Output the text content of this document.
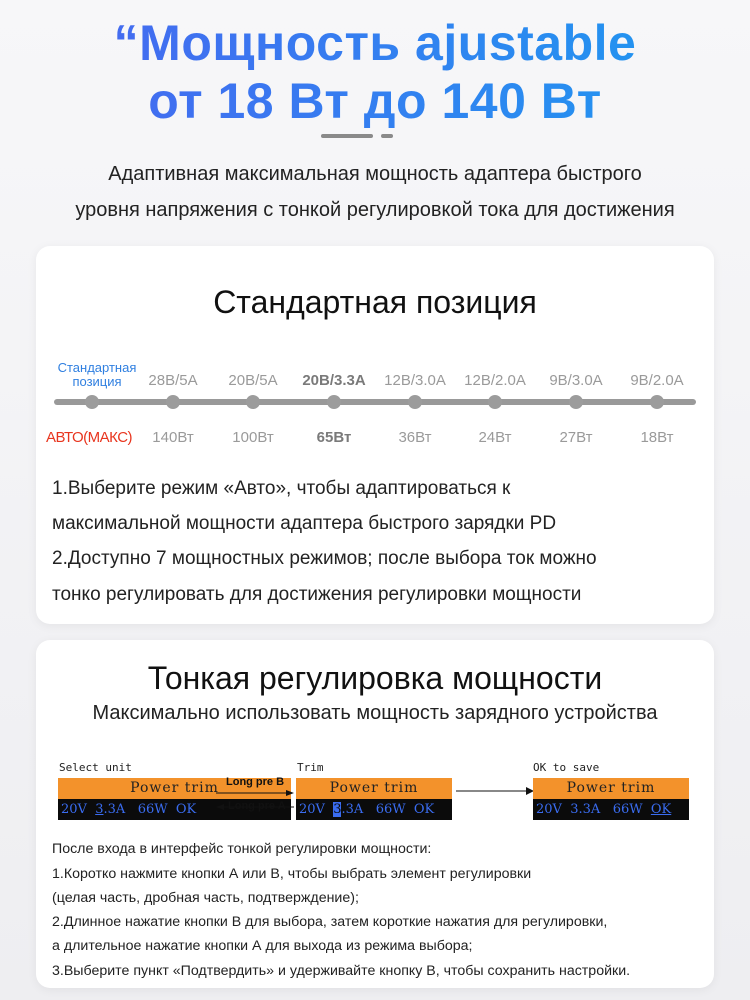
“Мощность ajustable
от 18 Вт до 140 Вт
Адаптивная максимальная мощность адаптера быстрого
уровня напряжения с тонкой регулировкой тока для достижения
Стандартная позиция
Стандартная позиция
АВТО(МАКС)
28В/5А
140Вт
20В/5А
100Вт
20В/3.3А
65Вт
12В/3.0А
36Вт
12В/2.0А
24Вт
9В/3.0А
27Вт
9В/2.0А
18Вт
1.Выберите режим «Авто», чтобы адаптироваться к
максимальной мощности адаптера быстрого зарядки PD
2.Доступно 7 мощностных режимов; после выбора ток можно
тонко регулировать для достижения регулировки мощности
Тонкая регулировка мощности
Максимально использовать мощность зарядного устройства
Select unit
Power trim
20V 3.3A 66W OK
Long pre B
Long pre A
Trim
Power trim
20V 3.3A 66W OK
OK to save
Power trim
20V 3.3A 66W OK
После входа в интерфейс тонкой регулировки мощности:
1.Коротко нажмите кнопки А или В, чтобы выбрать элемент регулировки
(целая часть, дробная часть, подтверждение);
2.Длинное нажатие кнопки В для выбора, затем короткие нажатия для регулировки,
а длительное нажатие кнопки А для выхода из режима выбора;
3.Выберите пункт «Подтвердить» и удерживайте кнопку В, чтобы сохранить настройки.
